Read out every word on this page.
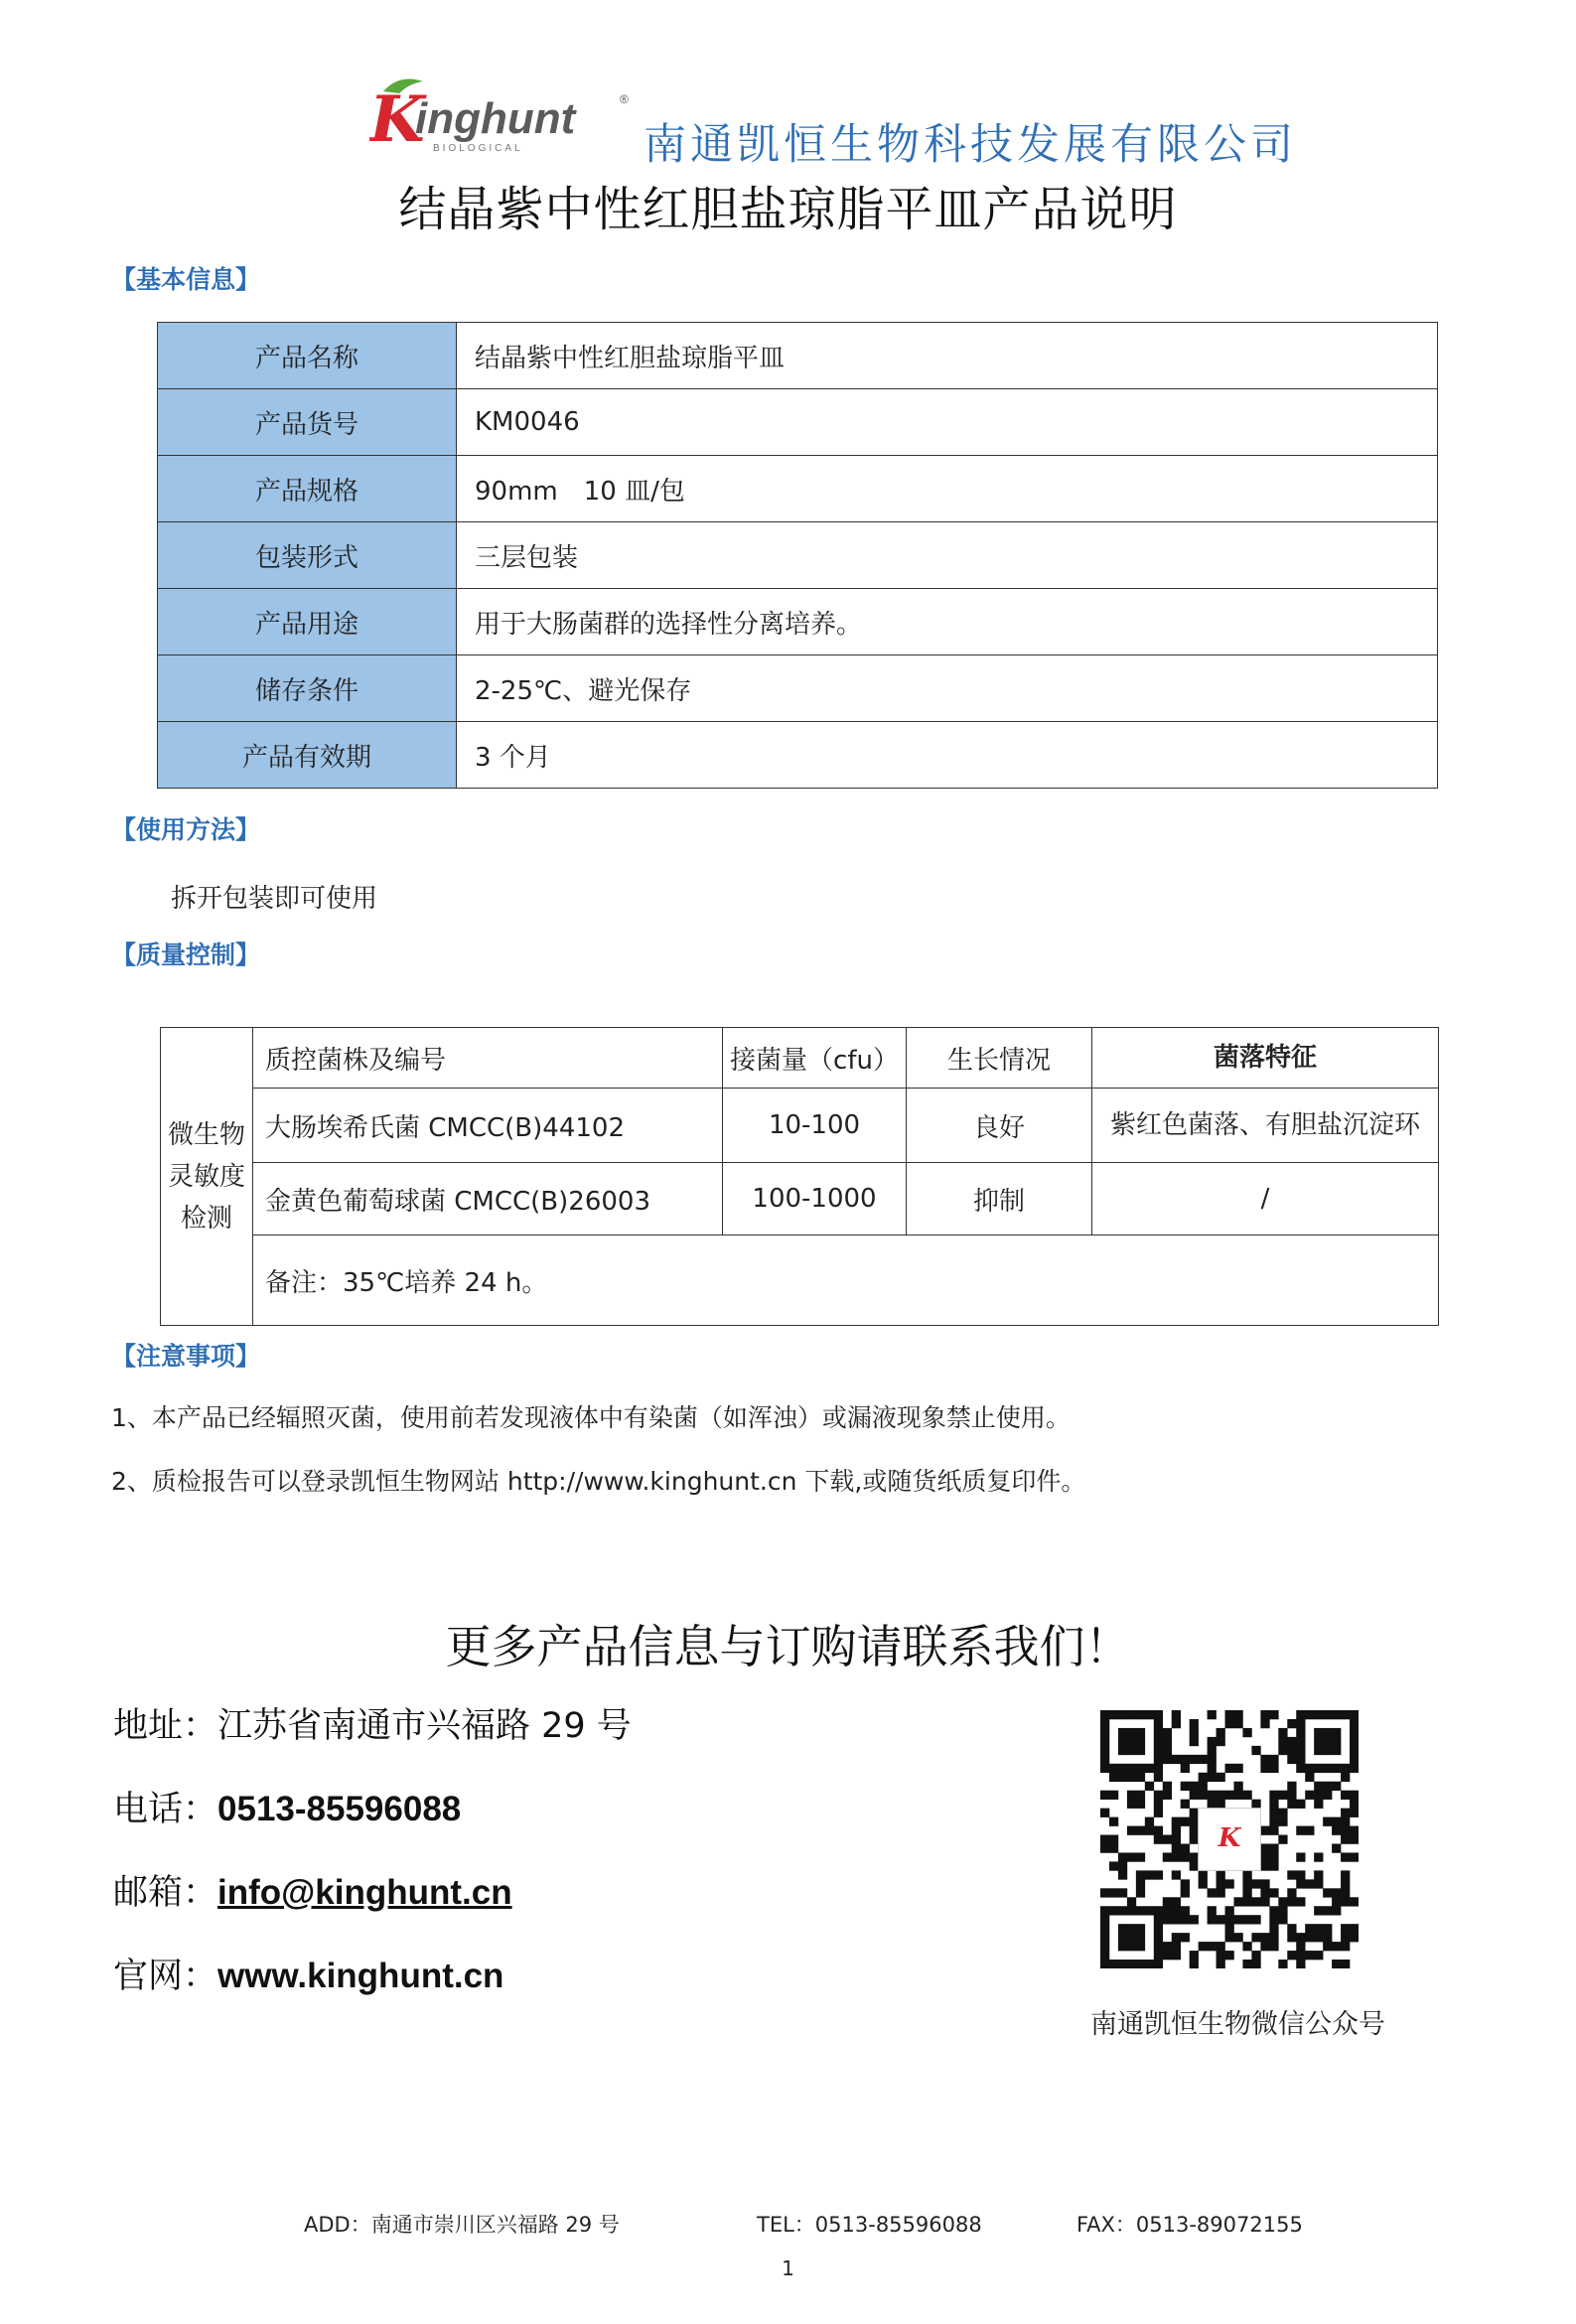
K
inghunt
BIOLOGICAL
®
南通凯恒生物科技发展有限公司
结晶紫中性红胆盐琼脂平皿产品说明
【基本信息】
产品名称	结晶紫中性红胆盐琼脂平皿
产品货号	KM0046
产品规格	90mm　10 皿/包
包装形式	三层包装
产品用途	用于大肠菌群的选择性分离培养。
储存条件	2-25℃、避光保存
产品有效期	3 个月
【使用方法】
拆开包装即可使用
【质量控制】
微生物灵敏度检测	质控菌株及编号	接菌量（cfu）	生长情况	菌落特征
	大肠埃希氏菌 CMCC(B)44102	10-100	良好	紫红色菌落、有胆盐沉淀环
	金黄色葡萄球菌 CMCC(B)26003	100-1000	抑制	/
	备注：35℃培养 24 h。			
【注意事项】
1、本产品已经辐照灭菌，使用前若发现液体中有染菌（如浑浊）或漏液现象禁止使用。
2、质检报告可以登录凯恒生物网站 http://www.kinghunt.cn 下载,或随货纸质复印件。
更多产品信息与订购请联系我们！
地址：江苏省南通市兴福路 29 号
电话：0513-85596088
邮箱：info@kinghunt.cn
官网：www.kinghunt.cn
K
南通凯恒生物微信公众号
ADD：南通市崇川区兴福路 29 号	TEL：0513-85596088	FAX：0513-89072155
1
